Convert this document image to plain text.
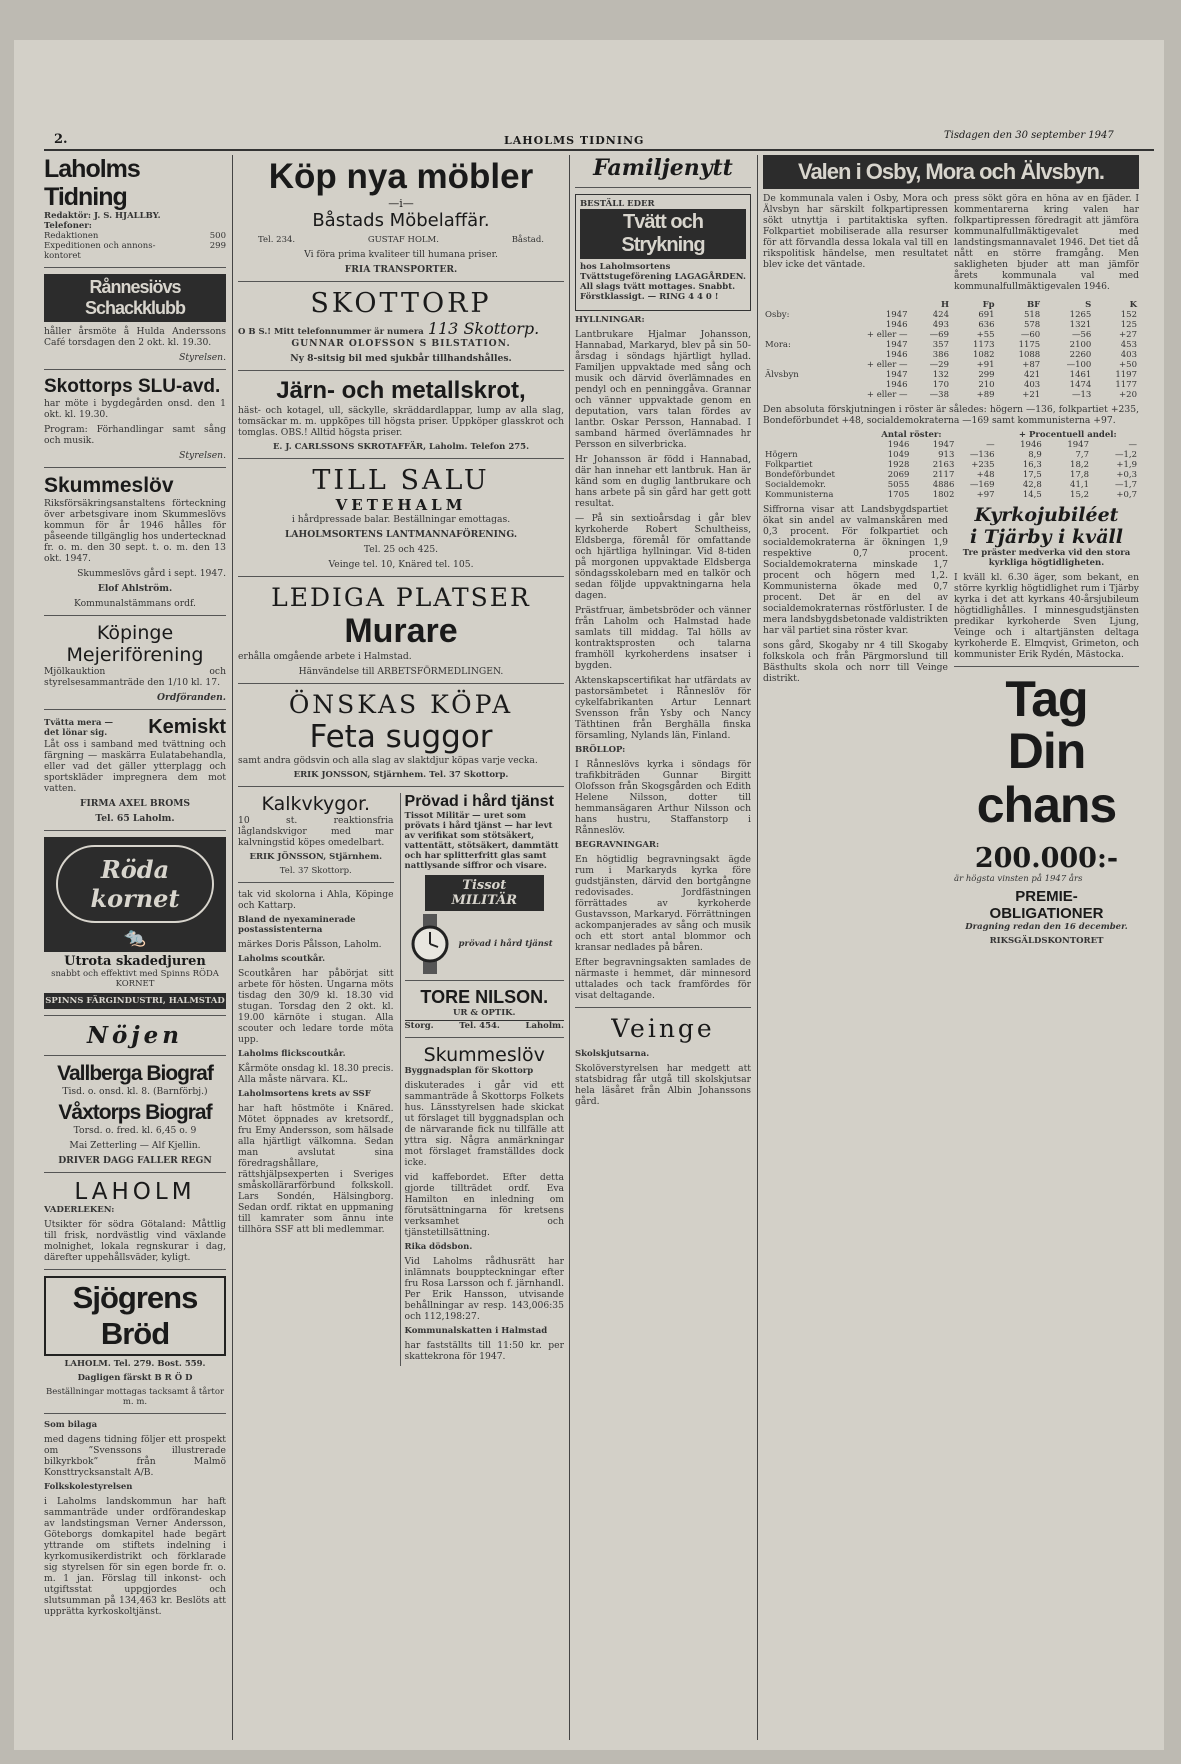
2.	LAHOLMS TIDNING	Tisdagen den 30 september 1947
Laholms Tidning
Redaktör: J. S. HJALLBY.
Telefoner:
Redaktionen	500
Expeditionen och annons-kontoret
299
Rånnesiövs Schackklubb

håller årsmöte å Hulda Anderssons Café torsdagen den 2 okt. kl. 19.30.

Styrelsen.

Skottorps SLU-avd.

har möte i bygdegården onsd. den 1 okt. kl. 19.30.

Program: Förhandlingar samt sång och musik.

Styrelsen.

Skummeslöv

Riksförsäkringsanstaltens förteckning över arbetsgivare inom Skummeslövs kommun för år 1946 hålles för påseende tillgänglig hos undertecknad fr. o. m. den 30 sept. t. o. m. den 13 okt. 1947.

Skummeslövs gård i sept. 1947.

Elof Ahlström.

Kommunalstämmans ordf.

Köpinge
Mejeriförening

Mjölkauktion och styrelsesammanträde den 1/10 kl. 17.

Ordföranden.

Tvätta mera —
det lönar sig. Kemiskt

Låt oss i samband med tvättning och färgning — maskärra Eulatabehandla, eller vad det gäller ytterplagg och sportskläder impregnera dem mot vatten.

FIRMA AXEL BROMS

Tel. 65 Laholm.

Röda kornet
🐀
Utrota skadedjuren

snabbt och effektivt med Spinns RÖDA KORNET

SPINNS FÄRGINDUSTRI, HALMSTAD
Nöjen
Vallberga Biograf

Tisd. o. onsd. kl. 8. (Barnförbj.)

Våxtorps Biograf

Torsd. o. fred. kl. 6,45 o. 9

Mai Zetterling — Alf Kjellin.

DRIVER DAGG FALLER REGN

LAHOLM

VADERLEKEN:

Utsikter för södra Götaland: Måttlig till frisk, nordvästlig vind växlande molnighet, lokala regnskurar i dag, därefter uppehållsväder, kyligt.

Sjögrens Bröd

LAHOLM. Tel. 279. Bost. 559.

Dagligen färskt B R Ö D

Beställningar mottagas tacksamt å tårtor m. m.

Som bilaga

med dagens tidning följer ett prospekt om ”Svenssons illustrerade bilkyrkbok” från Malmö Konsttrycksanstalt A/B.

Folkskolestyrelsen

i Laholms landskommun har haft sammanträde under ordförandeskap av landstingsman Verner Andersson, Göteborgs domkapitel hade begärt yttrande om stiftets indelning i kyrkomusikerdistrikt och förklarade sig styrelsen för sin egen borde fr. o. m. 1 jan. Förslag till inkonst- och utgiftsstat uppgjordes och slutsumman på 134,463 kr. Beslöts att upprätta kyrkoskoltjänst.

Köp nya möbler
—i—
Båstads Möbelaffär.
Tel. 234.	GUSTAF HOLM.	Båstad.

Vi föra prima kvaliteer till humana priser.

FRIA TRANSPORTER.

SKOTTORP
O B S.! Mitt telefonnummer är numera 113 Skottorp.

GUNNAR OLOFSSON S BILSTATION.

Ny 8-sitsig bil med sjukbår tillhandshålles.

Järn- och metallskrot,

häst- och kotagel, ull, säckylle, skräddardlappar, lump av alla slag, tomsäckar m. m. uppköpes till högsta priser. Uppköper glasskrot och tomglas. OBS.! Alltid högsta priser.

E. J. CARLSSONS SKROTAFFÄR, Laholm. Telefon 275.

TILL SALU
VETEHALM

i hårdpressade balar. Beställningar emottagas.

LAHOLMSORTENS LANTMANNAFÖRENING.

Tel. 25 och 425.

Veinge tel. 10, Knäred tel. 105.

LEDIGA PLATSER
Murare

erhålla omgående arbete i Halmstad.

Hänvändelse till ARBETSFÖRMEDLINGEN.

ÖNSKAS KÖPA
Feta suggor

samt andra gödsvin och alla slag av slaktdjur köpas varje vecka.

ERIK JONSSON, Stjärnhem. Tel. 37 Skottorp.

Kalkvkygor.

10 st. reaktionsfria låglandskvigor med mar kalvningstid köpes omedelbart.

ERIK JÖNSSON, Stjärnhem.

Tel. 37 Skottorp.

tak vid skolorna i Ahla, Köpinge och Kattarp.

Bland de nyexaminerade postassistenterna

märkes Doris Pålsson, Laholm.

Laholms scoutkår.

Scoutkåren har påbörjat sitt arbete för hösten. Ungarna möts tisdag den 30/9 kl. 18.30 vid stugan. Torsdag den 2 okt. kl. 19.00 kärnöte i stugan. Alla scouter och ledare torde möta upp.

Laholms flickscoutkår.

Kårmöte onsdag kl. 18.30 precis. Alla måste närvara. KL.

Laholmsortens krets av SSF

har haft höstmöte i Knäred. Mötet öppnades av kretsordf., fru Emy Andersson, som hälsade alla hjärtligt välkomna. Sedan man avslutat sina föredragshållare, rättshjälpsexperten i Sveriges småskollärarförbund folkskoll. Lars Sondén, Hälsingborg. Sedan ordf. riktat en uppmaning till kamrater som ännu inte tillhöra SSF att bli medlemmar.

Prövad i hård tjänst

Tissot Militär — uret som prövats i hård tjänst — har levt av verifikat som stötsäkert, vattentätt, stötsäkert, dammtätt och har splitterfritt glas samt nattlysande siffror och visare.

Tissot MILITÄR
prövad i hård tjänst
TORE NILSON.
UR & OPTIK.
Storg.	Tel. 454.	Laholm.
Skummeslöv

Byggnadsplan för Skottorp

diskuterades i går vid ett sammanträde å Skottorps Folkets hus. Länsstyrelsen hade skickat ut förslaget till byggnadsplan och de närvarande fick nu tillfälle att yttra sig. Några anmärkningar mot förslaget framställdes dock icke.

vid kaffebordet. Efter detta gjorde tillträdet ordf. Eva Hamilton en inledning om förutsättningarna för kretsens verksamhet och tjänstetillsättning.

Rika dödsbon.

Vid Laholms rådhusrätt har inlämnats bouppteckningar efter fru Rosa Larsson och f. järnhandl. Per Erik Hansson, utvisande behållningar av resp. 143,006:35 och 112,198:27.

Kommunalskatten i Halmstad

har fastställts till 11:50 kr. per skattekrona för 1947.

Familjenytt
BESTÄLL EDER
Tvätt och Strykning

hos Laholmsortens Tvättstugeförening LAGAGÅRDEN. All slags tvätt mottages. Snabbt. Förstklassigt. — RING 4 4 0 !

HYLLNINGAR:

Lantbrukare Hjalmar Johansson, Hannabad, Markaryd, blev på sin 50-årsdag i söndags hjärtligt hyllad. Familjen uppvaktade med sång och musik och därvid överlämnades en pendyl och en penninggåva. Grannar och vänner uppvaktade genom en deputation, vars talan fördes av lantbr. Oskar Persson, Hannabad. I samband härmed överlämnades hr Persson en silverbricka.

Hr Johansson är född i Hannabad, där han innehar ett lantbruk. Han är känd som en duglig lantbrukare och hans arbete på sin gård har gett gott resultat.

— På sin sextioårsdag i går blev kyrkoherde Robert Schultheiss, Eldsberga, föremål för omfattande och hjärtliga hyllningar. Vid 8-tiden på morgonen uppvaktade Eldsberga söndagsskolebarn med en talkör och sedan följde uppvaktningarna hela dagen.

Prästfruar, ämbetsbröder och vänner från Laholm och Halmstad hade samlats till middag. Tal hölls av kontraktsprosten och talarna framhöll kyrkoherdens insatser i bygden.

Aktenskapscertifikat har utfärdats av pastorsämbetet i Rånneslöv för cykelfabrikanten Artur Lennart Svensson från Ysby och Nancy Täthtinen från Berghälla finska församling, Nylands län, Finland.

BRÖLLOP:

I Rånneslövs kyrka i söndags för trafikbiträden Gunnar Birgitt Olofsson från Skogsgården och Edith Helene Nilsson, dotter till hemmansägaren Arthur Nilsson och hans hustru, Staffanstorp i Rånneslöv.

BEGRAVNINGAR:

En högtidlig begravningsakt ägde rum i Markaryds kyrka före gudstjänsten, därvid den bortgångne redovisades. Jordfästningen förrättades av kyrkoherde Gustavsson, Markaryd. Förrättningen ackompanjerades av sång och musik och ett stort antal blommor och kransar nedlades på båren.

Efter begravningsakten samlades de närmaste i hemmet, där minnesord uttalades och tack framfördes för visat deltagande.

Veinge

Skolskjutsarna.

Skolöverstyrelsen har medgett att statsbidrag får utgå till skolskjutsar hela läsåret från Albin Johanssons gård.

Valen i Osby, Mora och Älvsbyn.

De kommunala valen i Osby, Mora och Älvsbyn har särskilt folkpartipressen sökt utnyttja i partitaktiska syften. Folkpartiet mobiliserade alla resurser för att förvandla dessa lokala val till en rikspolitisk händelse, men resultatet blev icke det väntade.

press sökt göra en höna av en fjäder. I kommentarerna kring valen har folkpartipressen föredragit att jämföra kommunalfullmäktigevalet med landstingsmannavalet 1946. Det tiet då nått en större framgång. Men sakligheten bjuder att man jämför årets kommunala val med kommunalfullmäktigevalen 1946.

		H	Fp	BF	S	K
Osby:	1947	424	691	518	1265	152
	1946	493	636	578	1321	125
	+ eller —	—69	+55	—60	—56	+27
Mora:	1947	357	1173	1175	2100	453
	1946	386	1082	1088	2260	403
	+ eller —	—29	+91	+87	—100	+50
Älvsbyn	1947	132	299	421	1461	1197
	1946	170	210	403	1474	1177
	+ eller —	—38	+89	+21	—13	+20

Den absoluta förskjutningen i röster är således: högern —136, folkpartiet +235, Bondeförbundet +48, socialdemokraterna —169 samt kommunisterna +97.

	Antal röster:			+ Procentuell andel:		
	1946	1947	—	1946	1947	—
Högern	1049	913	—136	8,9	7,7	—1,2
Folkpartiet	1928	2163	+235	16,3	18,2	+1,9
Bondeförbundet	2069	2117	+48	17,5	17,8	+0,3
Socialdemokr.	5055	4886	—169	42,8	41,1	—1,7
Kommunisterna	1705	1802	+97	14,5	15,2	+0,7

Siffrorna visar att Landsbygdspartiet ökat sin andel av valmanskåren med 0,3 procent. För folkpartiet och socialdemokraterna är ökningen 1,9 respektive 0,7 procent. Socialdemokraterna minskade 1,7 procent och högern med 1,2. Kommunisterna ökade med 0,7 procent. Det är en del av socialdemokraternas röstförluster. I de mera landsbygdsbetonade valdistrikten har väl partiet sina röster kvar.

sons gård, Skogaby nr 4 till Skogaby folkskola och från Pärgmorslund till Bästhults skola och norr till Veinge distrikt.

Kyrkojubiléet
i Tjärby i kväll

Tre präster medverka vid den stora kyrkliga högtidligheten.

I kväll kl. 6.30 äger, som bekant, en större kyrklig högtidlighet rum i Tjärby kyrka i det att kyrkans 40-årsjubileum högtidlighålles. I minnesgudstjänsten predikar kyrkoherde Sven Ljung, Veinge och i altartjänsten deltaga kyrkoherde E. Elmqvist, Grimeton, och kommunister Erik Rydén, Mästocka.

Tag
Din
chans
200.000:-

är högsta vinsten på 1947 års

PREMIE-
OBLIGATIONER

Dragning redan den 16 december.

RIKSGÄLDSKONTORET
